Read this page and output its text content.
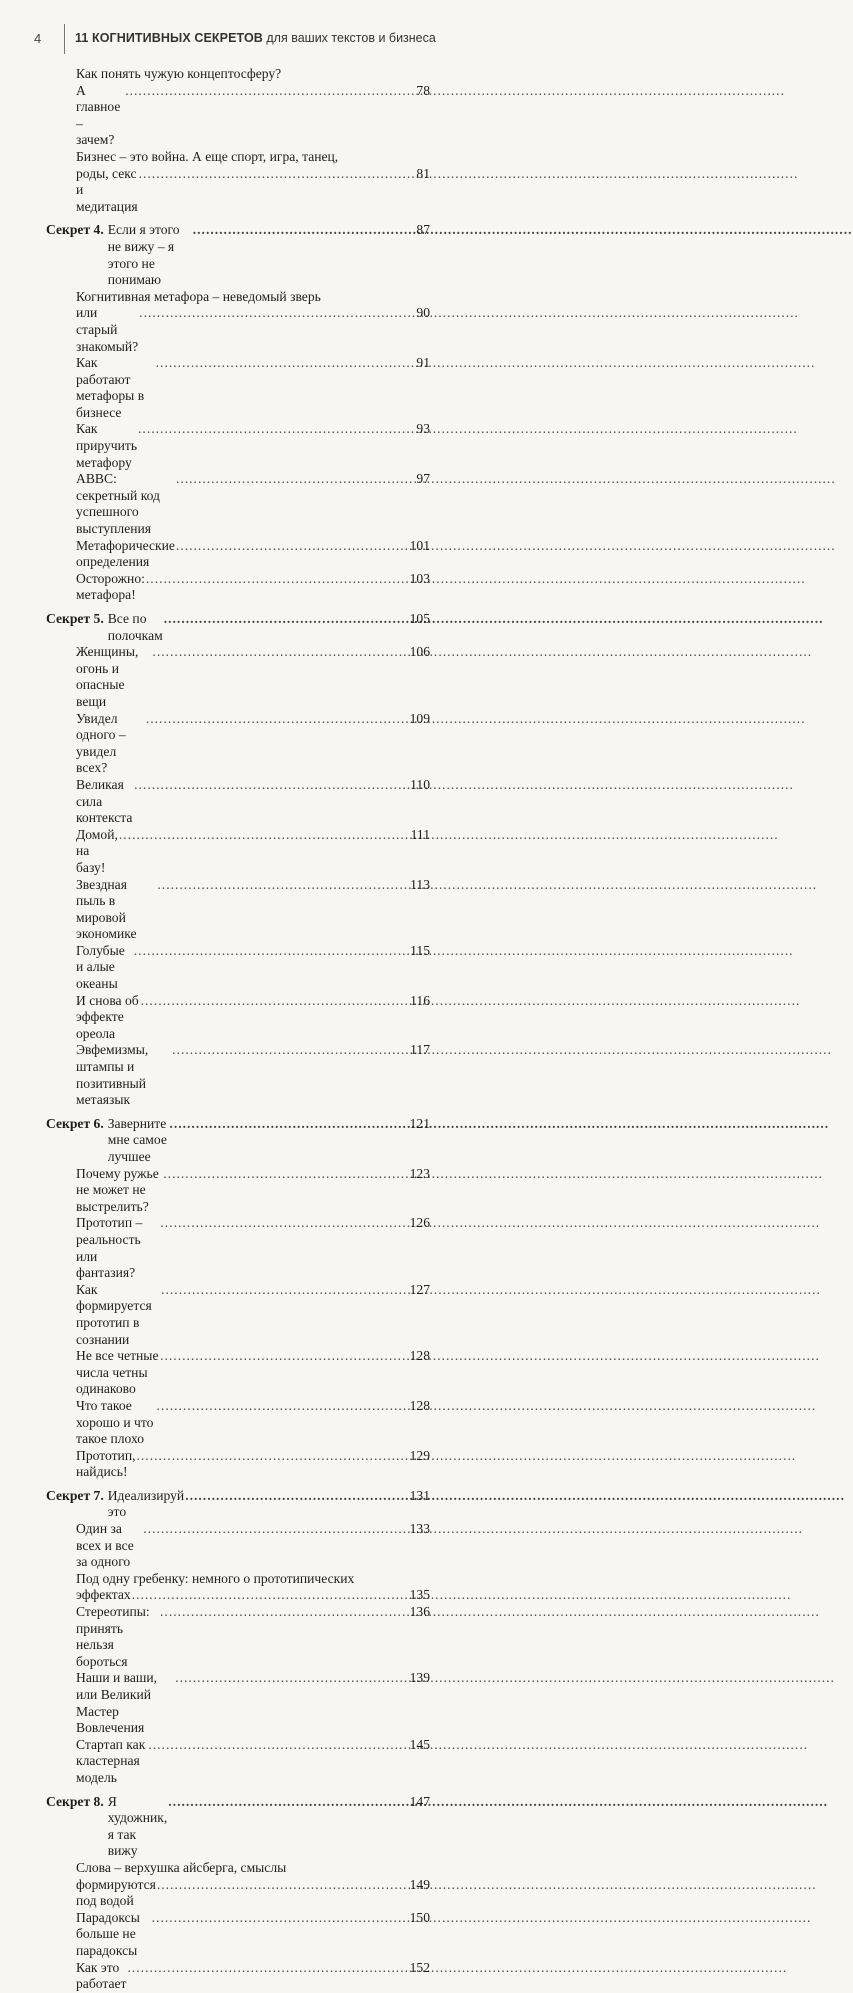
4	11 КОГНИТИВНЫХ СЕКРЕТОВ для ваших текстов и бизнеса
Как понять чужую концептосферу?
А главное – зачем?
.....
78
Бизнес – это война. А еще спорт, игра, танец,
роды, секс и медитация
.....
81
Секрет 4. Если я этого не вижу – я этого не понимаю
.....
87
Когнитивная метафора – неведомый зверь
или старый знакомый?
.....
90
Как работают метафоры в бизнесе
.....
91
Как приручить метафору
.....
93
ABBC: секретный код успешного выступления
.....
97
Метафорические определения
.....
101
Осторожно: метафора!
.....
103
Секрет 5. Все по полочкам
.....
105
Женщины, огонь и опасные вещи
.....
106
Увидел одного – увидел всех?
.....
109
Великая сила контекста
.....
110
Домой, на базу!
.....
111
Звездная пыль в мировой экономике
.....
113
Голубые и алые океаны
.....
115
И снова об эффекте ореола
.....
116
Эвфемизмы, штампы и позитивный метаязык
.....
117
Секрет 6. Заверните мне самое лучшее
.....
121
Почему ружье не может не выстрелить?
.....
123
Прототип – реальность или фантазия?
.....
126
Как формируется прототип в сознании
.....
127
Не все четные числа четны одинаково
.....
128
Что такое хорошо и что такое плохо
.....
128
Прототип, найдись!
.....
129
Секрет 7. Идеализируй это
.....
131
Один за всех и все за одного
.....
133
Под одну гребенку: немного о прототипических
эффектах
.....	135
Стереотипы: принять нельзя бороться
.....
136
Наши и ваши, или Великий Мастер Вовлечения
.....
139
Стартап как кластерная модель
.....
145
Секрет 8. Я художник, я так вижу
.....
147
Слова – верхушка айсберга, смыслы
формируются под водой
.....
149
Парадоксы больше не парадоксы
.....
150
Как это работает
.....
152
